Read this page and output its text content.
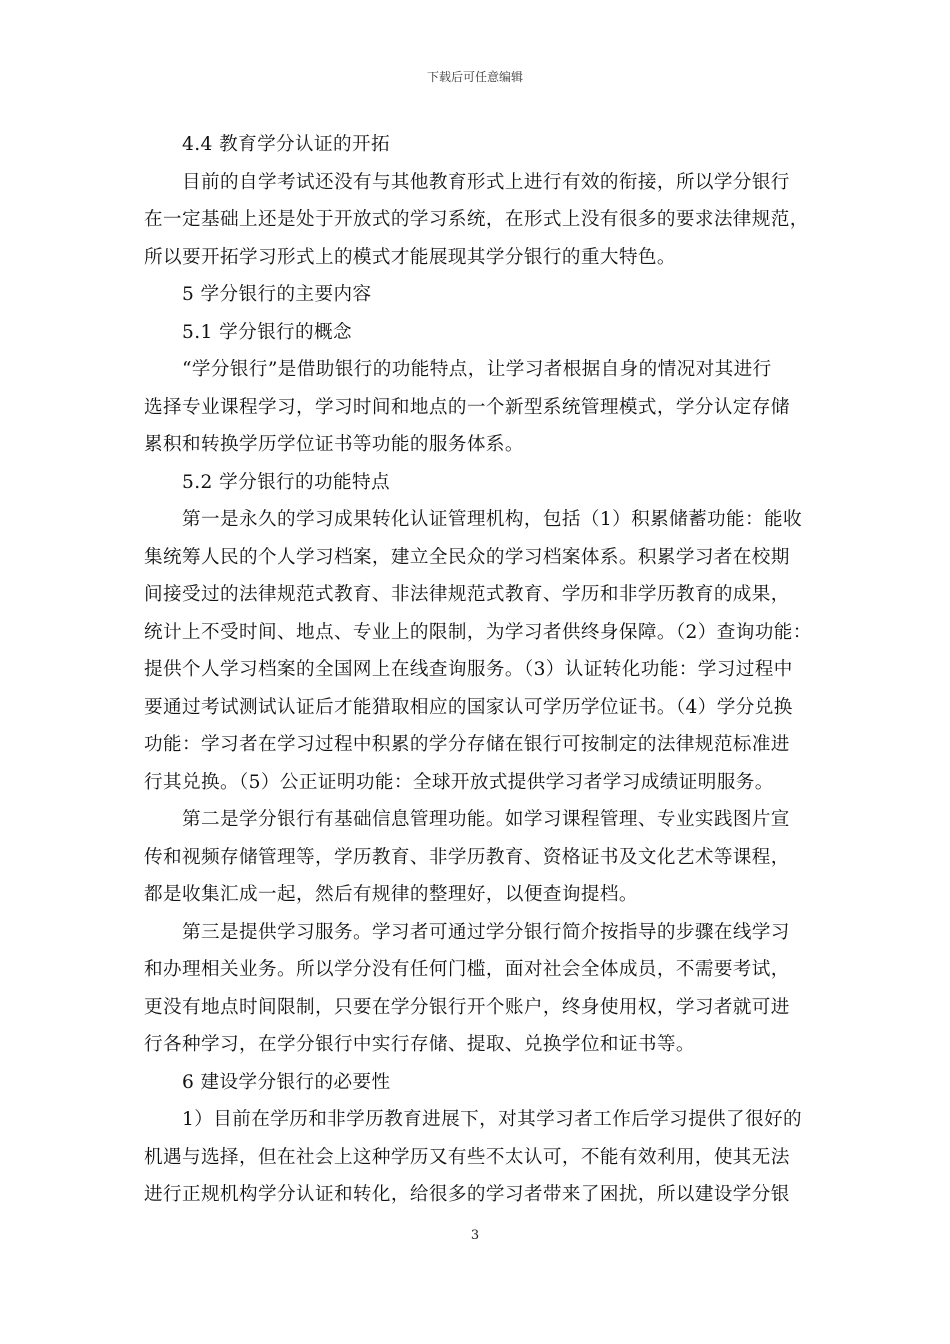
下载后可任意编辑
4.4 教育学分认证的开拓
目前的自学考试还没有与其他教育形式上进行有效的衔接，所以学分银行
在一定基础上还是处于开放式的学习系统，在形式上没有很多的要求法律规范，
所以要开拓学习形式上的模式才能展现其学分银行的重大特色。
5 学分银行的主要内容
5.1 学分银行的概念
“学分银行”是借助银行的功能特点，让学习者根据自身的情况对其进行
选择专业课程学习，学习时间和地点的一个新型系统管理模式，学分认定存储
累积和转换学历学位证书等功能的服务体系。
5.2 学分银行的功能特点
第一是永久的学习成果转化认证管理机构，包括（1）积累储蓄功能：能收
集统筹人民的个人学习档案，建立全民众的学习档案体系。积累学习者在校期
间接受过的法律规范式教育、非法律规范式教育、学历和非学历教育的成果，
统计上不受时间、地点、专业上的限制，为学习者供终身保障。（2）查询功能：
提供个人学习档案的全国网上在线查询服务。（3）认证转化功能：学习过程中
要通过考试测试认证后才能猎取相应的国家认可学历学位证书。（4）学分兑换
功能：学习者在学习过程中积累的学分存储在银行可按制定的法律规范标准进
行其兑换。（5）公正证明功能：全球开放式提供学习者学习成绩证明服务。
第二是学分银行有基础信息管理功能。如学习课程管理、专业实践图片宣
传和视频存储管理等，学历教育、非学历教育、资格证书及文化艺术等课程，
都是收集汇成一起，然后有规律的整理好，以便查询提档。
第三是提供学习服务。学习者可通过学分银行简介按指导的步骤在线学习
和办理相关业务。所以学分没有任何门槛，面对社会全体成员，不需要考试，
更没有地点时间限制，只要在学分银行开个账户，终身使用权，学习者就可进
行各种学习，在学分银行中实行存储、提取、兑换学位和证书等。
6 建设学分银行的必要性
1）目前在学历和非学历教育进展下，对其学习者工作后学习提供了很好的
机遇与选择，但在社会上这种学历又有些不太认可，不能有效利用，使其无法
进行正规机构学分认证和转化，给很多的学习者带来了困扰，所以建设学分银
3
